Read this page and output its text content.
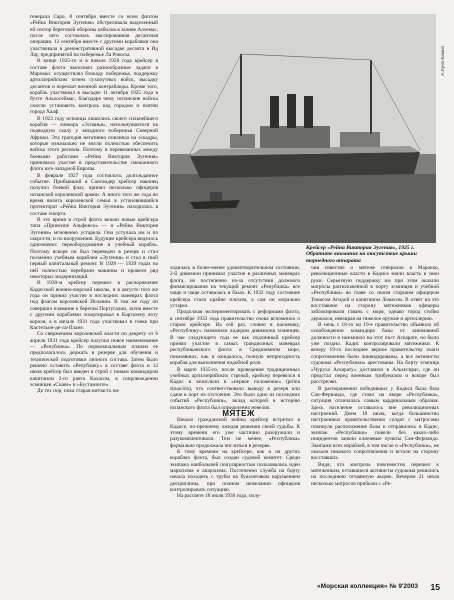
А.Луиз Камиз

генерала Саро. 8 сентября вместе со всем флотом «Рейна Виктория Эугения» обстреливала выделенный ей сектор береговой обороны кабилов в заливе Алхемас, после чего состоялась массированная десантная операция. 12 сентября вместе с другими кораблями она участвовала в демонстративной высадке десанта в Ид Лау, предпринятой на побережье Ла Рокосы.

В конце 1925-го и в начале 1926 года крейсер в составе флота выполнял разнообразные задачи в Марокко: осуществлял блокаду побережья, поддержку артиллерийским огнем сухопутных войск, высадку десантов и перехват военной контрабанды. Кроме того, корабль участвовал в высадке 11 октября 1925 года в бухте Альхосеймас, благодаря чему испанские войска смогли установить контроль над городом и взятии города Хааф.

В 1923 году испанцы лишились своего сильнейшего корабля — линкора «Эспанья», натолкнувшегося на подводную скалу у западного побережья Северной Африки. Эта трагедия негативно повлияла на эскадры, которые изначально не могли полностью обеспечить войска этого региона. Поэтому в перевязанных между боевыми работами «Рейна Виктория Эугения» принимала участие в представительстве смешанного флота юго-западной Европы.

В феврале 1927 года состоялось долгожданное событие. Прибывший в Сантандер крейсер наконец получил боевой флаг, принял несколько офицеров испанской королевской армии. А иного того же года во время визита королевской семьи в установившийся протекторат «Рейна Виктория Эугения» находилась в составе эскорта.

В это время в строй флота вошли новые крейсера типа «Принсипе Альфонсо» — и «Рейна Виктория Эугения» мгновенно устарела. Она уступала им и по скорости, и по вооружению. Будущее крейсера виделось однозначно: переоборудование в учебный корабль. Поэтому вскоре он был переведен в резерв и стал посменно учебным кораблем «Эугения» и стал в свой первый капитальный ремонт. В 1928 — 1929 годах на ней полностью перебрали машины и провели ряд некоторых модернизаций.

В 1930-м крейсер перешел в распоряжение Кадисской военно-морской школы, и в августе того же года он принял участие в последних маневрах флота под флагом королевской Испании. В том же году он совершил плавание к берегам Португалии, затем вместе с другими кораблями эскортировал в Картахену яхту короля, а в начале 1931 года участвовал в гонке при Кастельон-де-ла-Плане.

Со свержением королевской власти по декрету от 6 апреля 1931 года крейсер получил новое наименование — «Република». По первоначальным планам ее предполагалось держать в резерве для обучения и технической подготовки личного состава. Затем было решено оставить «Републику» в составе флота и 12 июля крейсер был введен в строй с новым командиром капитаном 2-го ранга Кахасом, в сопровождении эсминцев «Сиаке» и «Бустамонте».

До тех пор, пока старая матчасть на-

ходилась в более-менее удовлетворительном состоянии, 2-й дивизион принимал участие в различных маневрах флота, но постепенно из-за отсутствия должного финансирования на текущий ремонт «Република» все чаще и чаще оставалась в базах. К 1932 году состояние крейсера стало крайне плохим, а сам он морально устарел.

Продолжая экспериментировать с реформами флота, в сентябре 1933 года правительство снова вспомнило о старом крейсере. На сей раз, словно в насмешку, «Республику» назначили лидером дивизиона эсминцев. В чае следующего года ее как подлинный крейсер принял участие в самых грандиозных маневрах республиканского флота в Средиземном море, показавших, как и ожидалось, полную непригодность корабля для выполнения подобной роли.

В марте 1935-го, после проведения традиционных учебных артиллерийских стрельб, крейсер перевелся в Кадис и зачислили в «первое положение» (prima situación), что соответствовало выводу в резерв или сдаче в порт на отстоение. Это было одно из последних событий «Республики», вклад которой в историю испанского флота был определенно невелик.

МЯТЕЖ

Начало гражданской войны крейсер встретил в Кадисе, по-прежнему ожидая решения своей судьбы. К этому времени его уже частично разоружили и разукомплектовали. Тем не менее, «Республика» формально продолжала числиться в резерве.

К тому времени на крейсере, как и на других кораблях флота, был создан судовой комитет. Среди экипажа наибольшей популярностью пользовались идеи марксизма и анархизма. Постепенно служба на борту начала походить с трубы на бушлатовым нарушением дисциплины, при полном нежелании офицеров контролировать ситуацию.

На рассвете 18 июля 1936 года, полу-

Крейсер «Рейна Виктория Эугения», 1925 г. Обратите внимание на отсутствие крыши торпедного аппарата

чив известие о мятеже генералов в Марокко, революционные власти в Кадисе взяли власть в свои руки. Серьезную поддержку им при этом оказали матросы расположенной в порту эсминцев и учебной «Республики» во главе со своим старшим офицером Томасом Агидой и капитаном Ломасом. В ответ на это восставшие на сторону мятежников офицеры заблокировали гавань с моря, однако город стойко держался, невзирая на тяжелое оружие и артиллерию.

В ночь с 18-го на 19-е правительство объявило об освобождении командира базы от занимаемой должности и назначило на этот пост Аскарате, но было уже поздно. Кадис контролировали мятежники. К вечеру 19-го последнее верное правительству очаги сопротивления были ликвидированы, а все активисты судокома «Республики» арестованы. На борту эсминца «Чуруха Аскарату» доставили в Альхесирас, где он предстал перед военным трибуналом и вскоре был расстрелян.

В распоряжении победивших у Кадиса была база Сан-Фернандо, где стоял на якоре «Республика», ситуация отличалась самым кардинальным образом. Здесь население оставалось вне революционных настроений. Днем 18 июля, когда большинство настроенных правительственно солдат с матросами покинули расположение базы и отправились в Кадис, экипаж «Республики» повели без каких-либо инцидентов заняли ключевые пункты Сан-Фернандо. Экипажи всех кораблей, в том числе и «Республики», не оказали никакого сопротивления и встали на сторону восставших.

Видя, что контроль повсеместно перешел к мятежникам, оставшиеся активисты судокома решились на последнюю отчаянную акцию. Вечером 21 июля несколько матросов прибыли с «Ре-

«Морская коллекция» № 9'2003 15
